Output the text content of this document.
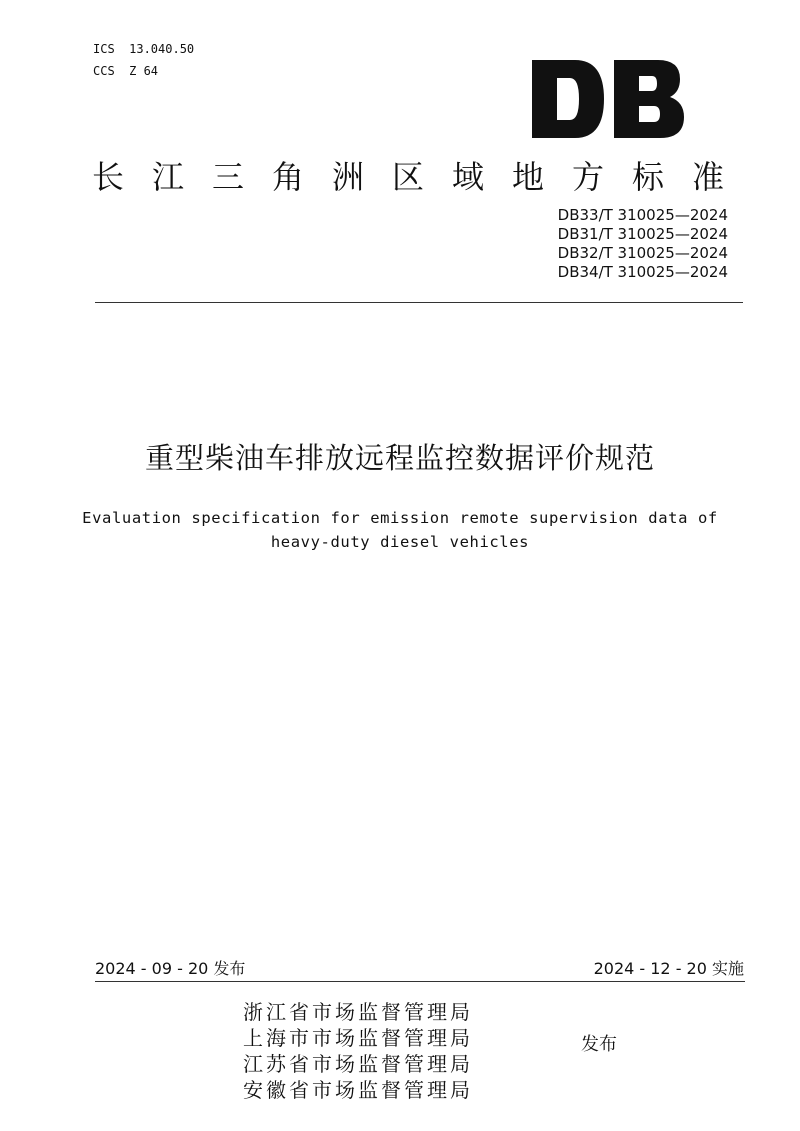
ICS  13.040.50
CCS  Z 64
长江三角洲区域地方标准
DB33/T 310025—2024
DB31/T 310025—2024
DB32/T 310025—2024
DB34/T 310025—2024
重型柴油车排放远程监控数据评价规范
Evaluation specification for emission remote supervision data of
heavy-duty diesel vehicles
2024 - 09 - 20 发布	2024 - 12 - 20 实施
浙江省市场监督管理局
上海市市场监督管理局
江苏省市场监督管理局
安徽省市场监督管理局
发布
